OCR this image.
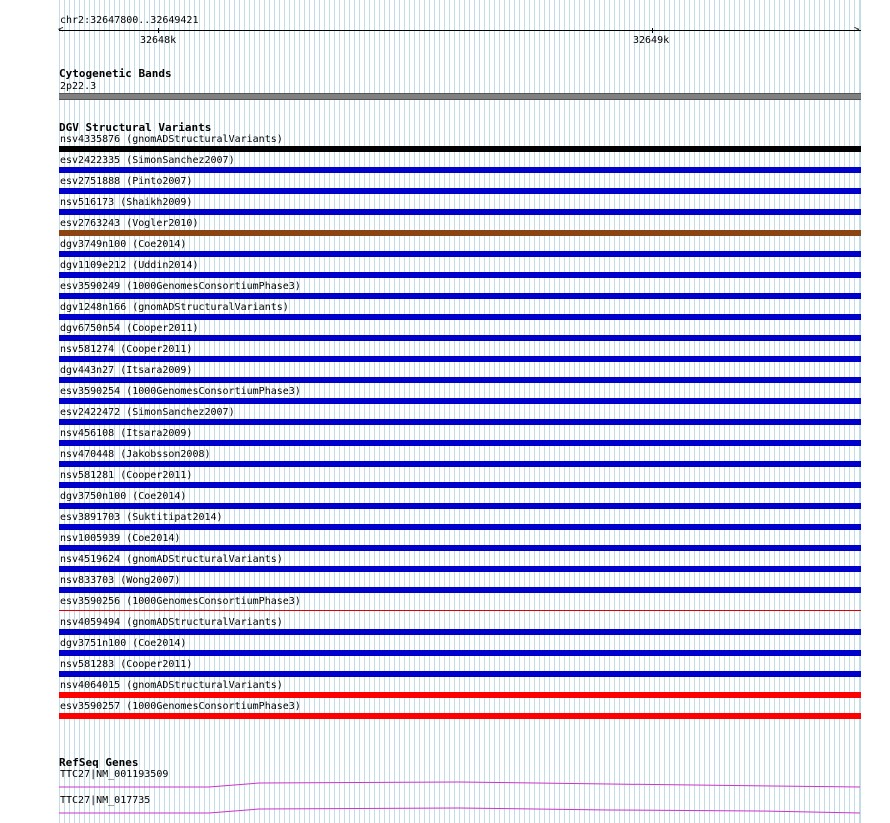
chr2:32647800..32649421
<	>
32648k	32649k
Cytogenetic Bands
2p22.3
DGV Structural Variants
nsv4335876 (gnomADStructuralVariants)
esv2422335 (SimonSanchez2007)
esv2751888 (Pinto2007)
nsv516173 (Shaikh2009)
esv2763243 (Vogler2010)
dgv3749n100 (Coe2014)
dgv1109e212 (Uddin2014)
esv3590249 (1000GenomesConsortiumPhase3)
dgv1248n166 (gnomADStructuralVariants)
dgv6750n54 (Cooper2011)
nsv581274 (Cooper2011)
dgv443n27 (Itsara2009)
esv3590254 (1000GenomesConsortiumPhase3)
esv2422472 (SimonSanchez2007)
nsv456108 (Itsara2009)
nsv470448 (Jakobsson2008)
nsv581281 (Cooper2011)
dgv3750n100 (Coe2014)
esv3891703 (Suktitipat2014)
nsv1005939 (Coe2014)
nsv4519624 (gnomADStructuralVariants)
nsv833703 (Wong2007)
esv3590256 (1000GenomesConsortiumPhase3)
nsv4059494 (gnomADStructuralVariants)
dgv3751n100 (Coe2014)
nsv581283 (Cooper2011)
nsv4064015 (gnomADStructuralVariants)
esv3590257 (1000GenomesConsortiumPhase3)
RefSeq Genes
TTC27|NM_001193509
TTC27|NM_017735
